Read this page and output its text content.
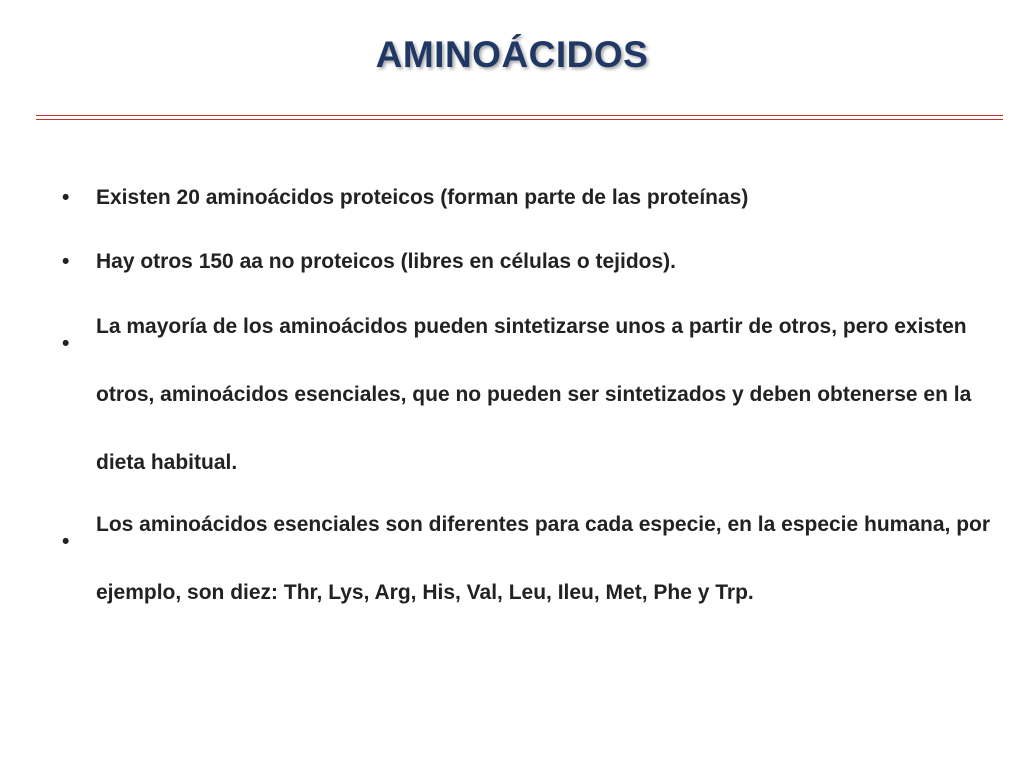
AMINOÁCIDOS
• Existen 20 aminoácidos proteicos (forman parte de las proteínas)
• Hay otros 150 aa no proteicos (libres en células o tejidos).
•
La mayoría de los aminoácidos pueden sintetizarse unos a partir de otros, pero existen otros, aminoácidos esenciales, que no pueden ser sintetizados y deben obtenerse en la dieta habitual.
•
Los aminoácidos esenciales son diferentes para cada especie, en la especie humana, por ejemplo, son diez: Thr, Lys, Arg, His, Val, Leu, Ileu, Met, Phe y Trp.
